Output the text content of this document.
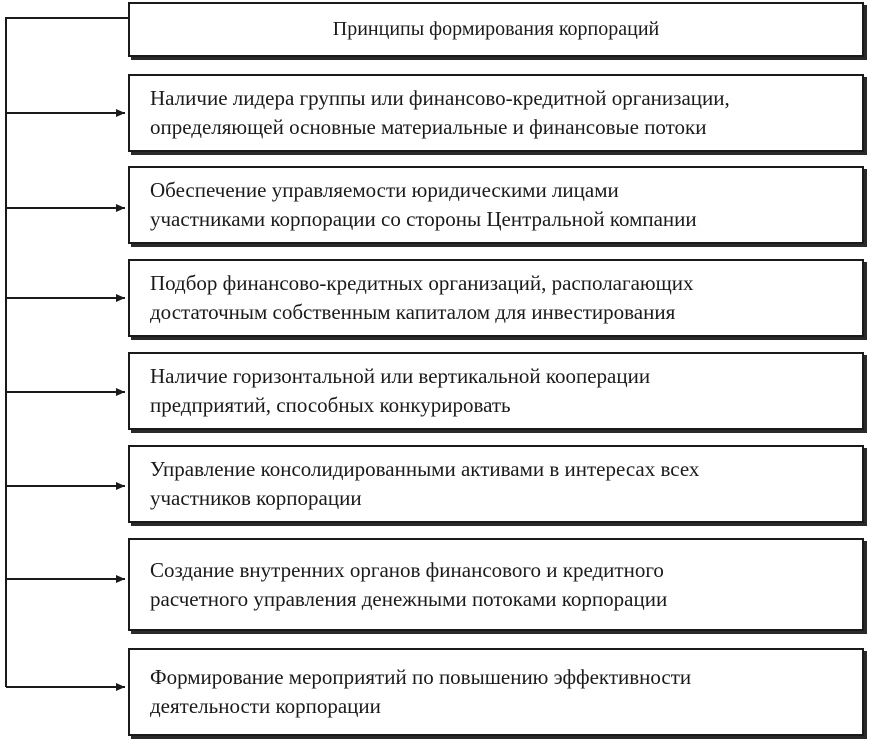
Принципы формирования корпораций
Наличие лидера группы или финансово-кредитной организации,
определяющей основные материальные и финансовые потоки
Обеспечение управляемости юридическими лицами
участниками корпорации со стороны Центральной компании
Подбор финансово-кредитных организаций, располагающих
достаточным собственным капиталом для инвестирования
Наличие горизонтальной или вертикальной кооперации
предприятий, способных конкурировать
Управление консолидированными активами в интересах всех
участников корпорации
Создание внутренних органов финансового и кредитного
расчетного управления денежными потоками корпорации
Формирование мероприятий по повышению эффективности
деятельности корпорации
